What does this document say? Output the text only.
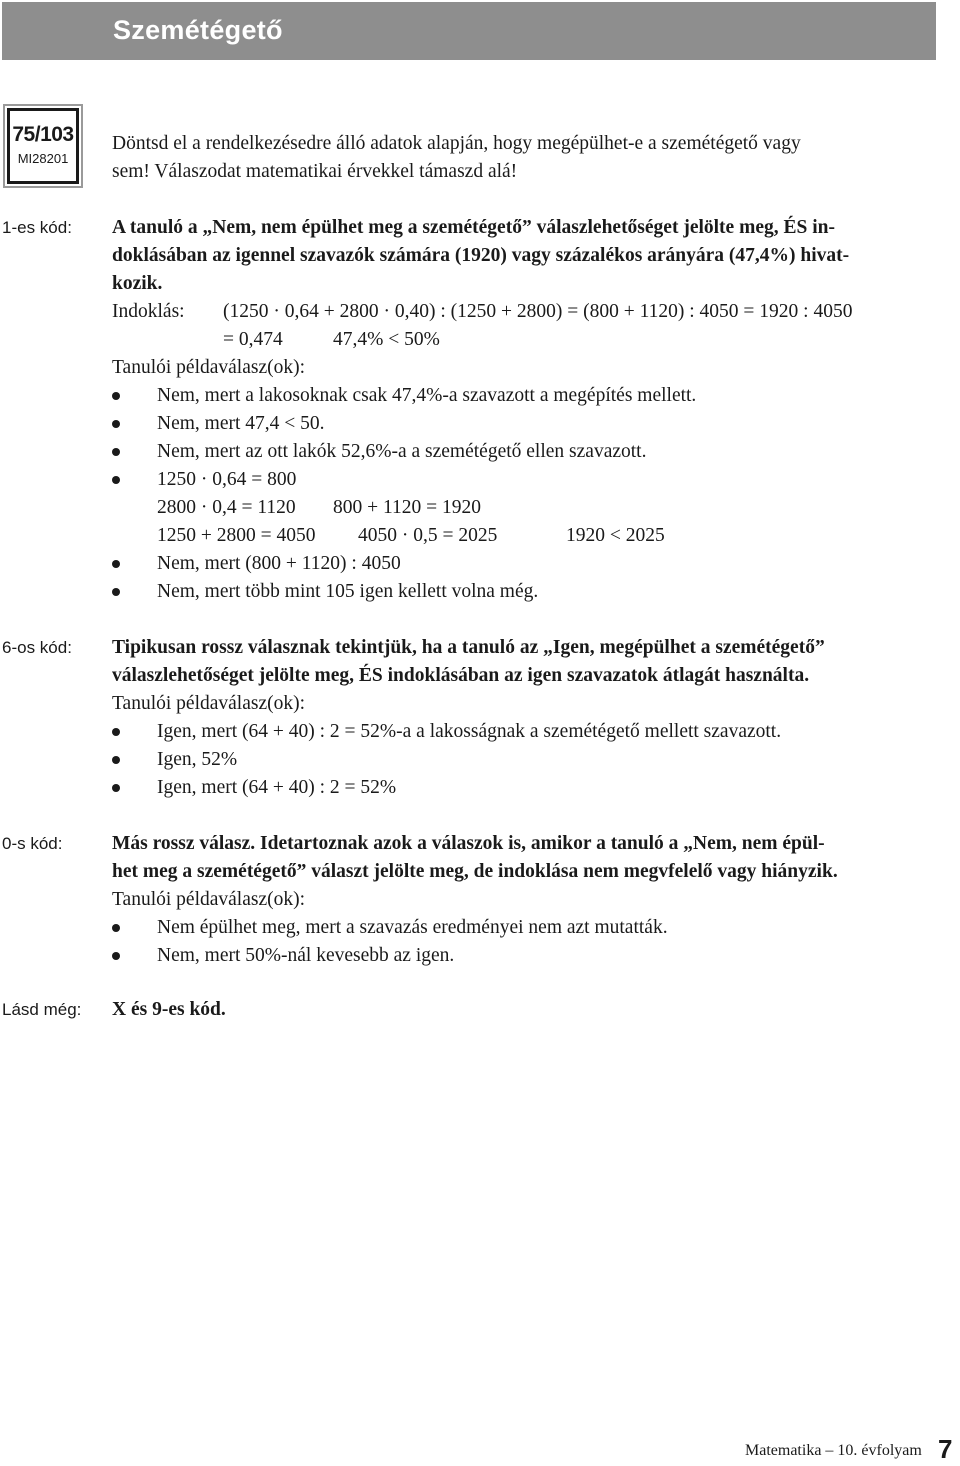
Szemétégető
75/103
MI28201
Döntsd el a rendelkezésedre álló adatok alapján, hogy megépülhet-e a szemétégető vagy
sem! Válaszodat matematikai érvekkel támaszd alá!
1-es kód: A tanuló a „Nem, nem épülhet meg a szemétégető” válaszlehetőséget jelölte meg, ÉS in-
doklásában az igennel szavazók számára (1920) vagy százalékos arányára (47,4%) hivat-
kozik.
Indoklás: (1250 · 0,64 + 2800 · 0,40) : (1250 + 2800) = (800 + 1120) : 4050 = 1920 : 4050
= 0,474	47,4% < 50%
Tanulói példaválasz(ok):
Nem, mert a lakosoknak csak 47,4%-a szavazott a megépítés mellett.
Nem, mert 47,4 < 50.
Nem, mert az ott lakók 52,6%-a a szemétégető ellen szavazott.
1250 · 0,64 = 800
2800 · 0,4 = 1120 800 + 1120 = 1920
1250 + 2800 = 4050 4050 · 0,5 = 2025	1920 < 2025
Nem, mert (800 + 1120) : 4050
Nem, mert több mint 105 igen kellett volna még.
6-os kód: Tipikusan rossz válasznak tekintjük, ha a tanuló az „Igen, megépülhet a szemétégető”
válaszlehetőséget jelölte meg, ÉS indoklásában az igen szavazatok átlagát használta.
Tanulói példaválasz(ok):
Igen, mert (64 + 40) : 2 = 52%-a a lakosságnak a szemétégető mellett szavazott.
Igen, 52%
Igen, mert (64 + 40) : 2 = 52%
0-s kód:	Más rossz válasz. Idetartoznak azok a válaszok is, amikor a tanuló a „Nem, nem épül-
het meg a szemétégető” választ jelölte meg, de indoklása nem megvfelelő vagy hiányzik.
Tanulói példaválasz(ok):
Nem épülhet meg, mert a szavazás eredményei nem azt mutatták.
Nem, mert 50%-nál kevesebb az igen.
Lásd még: X és 9-es kód.
Matematika – 10. évfolyam 7
